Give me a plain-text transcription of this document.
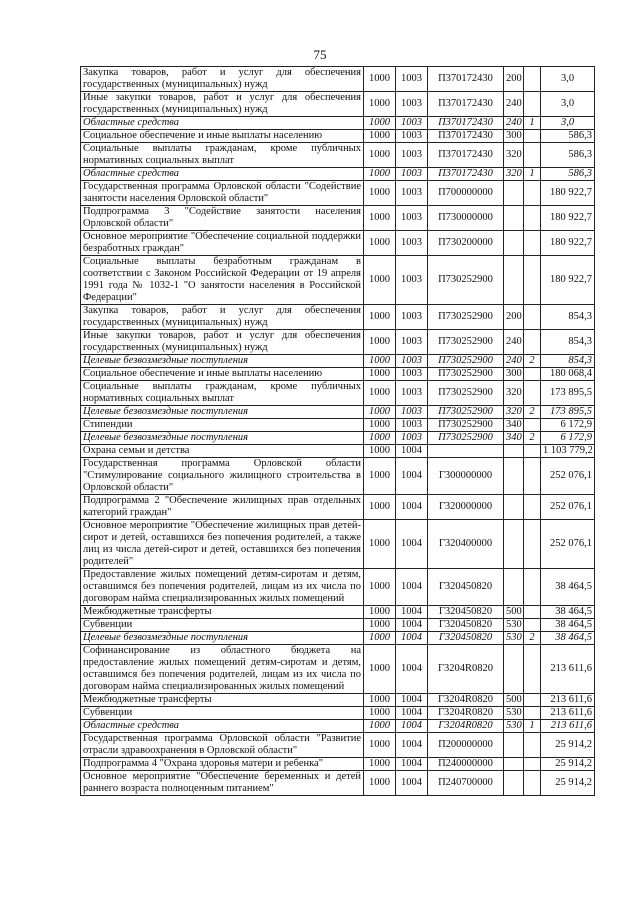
75
Закупка товаров, работ и услуг для обеспечения государственных (муниципальных) нужд	1000	1003	П370172430	200		3,0
Иные закупки товаров, работ и услуг для обеспечения государственных (муниципальных) нужд	1000	1003	П370172430	240		3,0
Областные средства	1000	1003	П370172430	240	1	3,0
Социальное обеспечение и иные выплаты населению	1000	1003	П370172430	300		586,3
Социальные выплаты гражданам, кроме публичных нормативных социальных выплат	1000	1003	П370172430	320		586,3
Областные средства	1000	1003	П370172430	320	1	586,3
Государственная программа Орловской области "Содействие занятости населения Орловской области"	1000	1003	П700000000			180 922,7
Подпрограмма 3 "Содействие занятости населения Орловской области"	1000	1003	П730000000			180 922,7
Основное мероприятие "Обеспечение социальной поддержки безработных граждан"	1000	1003	П730200000			180 922,7
Социальные выплаты безработным гражданам в соответствии с Законом Российской Федерации от 19 апреля 1991 года № 1032-1 "О занятости населения в Российской Федерации"	1000	1003	П730252900			180 922,7
Закупка товаров, работ и услуг для обеспечения государственных (муниципальных) нужд	1000	1003	П730252900	200		854,3
Иные закупки товаров, работ и услуг для обеспечения государственных (муниципальных) нужд	1000	1003	П730252900	240		854,3
Целевые безвозмездные поступления	1000	1003	П730252900	240	2	854,3
Социальное обеспечение и иные выплаты населению	1000	1003	П730252900	300		180 068,4
Социальные выплаты гражданам, кроме публичных нормативных социальных выплат	1000	1003	П730252900	320		173 895,5
Целевые безвозмездные поступления	1000	1003	П730252900	320	2	173 895,5
Стипендии	1000	1003	П730252900	340		6 172,9
Целевые безвозмездные поступления	1000	1003	П730252900	340	2	6 172,9
Охрана семьи и детства	1000	1004				1 103 779,2
Государственная программа Орловской области "Стимулирование социального жилищного строительства в Орловской области"	1000	1004	Г300000000			252 076,1
Подпрограмма 2 "Обеспечение жилищных прав отдельных категорий граждан"	1000	1004	Г320000000			252 076,1
Основное мероприятие "Обеспечение жилищных прав детей-сирот и детей, оставшихся без попечения родителей, а также лиц из числа детей-сирот и детей, оставшихся без попечения родителей"	1000	1004	Г320400000			252 076,1
Предоставление жилых помещений детям-сиротам и детям, оставшимся без попечения родителей, лицам из их числа по договорам найма специализированных жилых помещений	1000	1004	Г320450820			38 464,5
Межбюджетные трансферты	1000	1004	Г320450820	500		38 464,5
Субвенции	1000	1004	Г320450820	530		38 464,5
Целевые безвозмездные поступления	1000	1004	Г320450820	530	2	38 464,5
Софинансирование из областного бюджета на предоставление жилых помещений детям-сиротам и детям, оставшимся без попечения родителей, лицам из их числа по договорам найма специализированных жилых помещений	1000	1004	Г3204R0820			213 611,6
Межбюджетные трансферты	1000	1004	Г3204R0820	500		213 611,6
Субвенции	1000	1004	Г3204R0820	530		213 611,6
Областные средства	1000	1004	Г3204R0820	530	1	213 611,6
Государственная программа Орловской области "Развитие отрасли здравоохранения в Орловской области"	1000	1004	П200000000			25 914,2
Подпрограмма 4 "Охрана здоровья матери и ребенка"	1000	1004	П240000000			25 914,2
Основное мероприятие "Обеспечение беременных и детей раннего возраста полноценным питанием"	1000	1004	П240700000			25 914,2
